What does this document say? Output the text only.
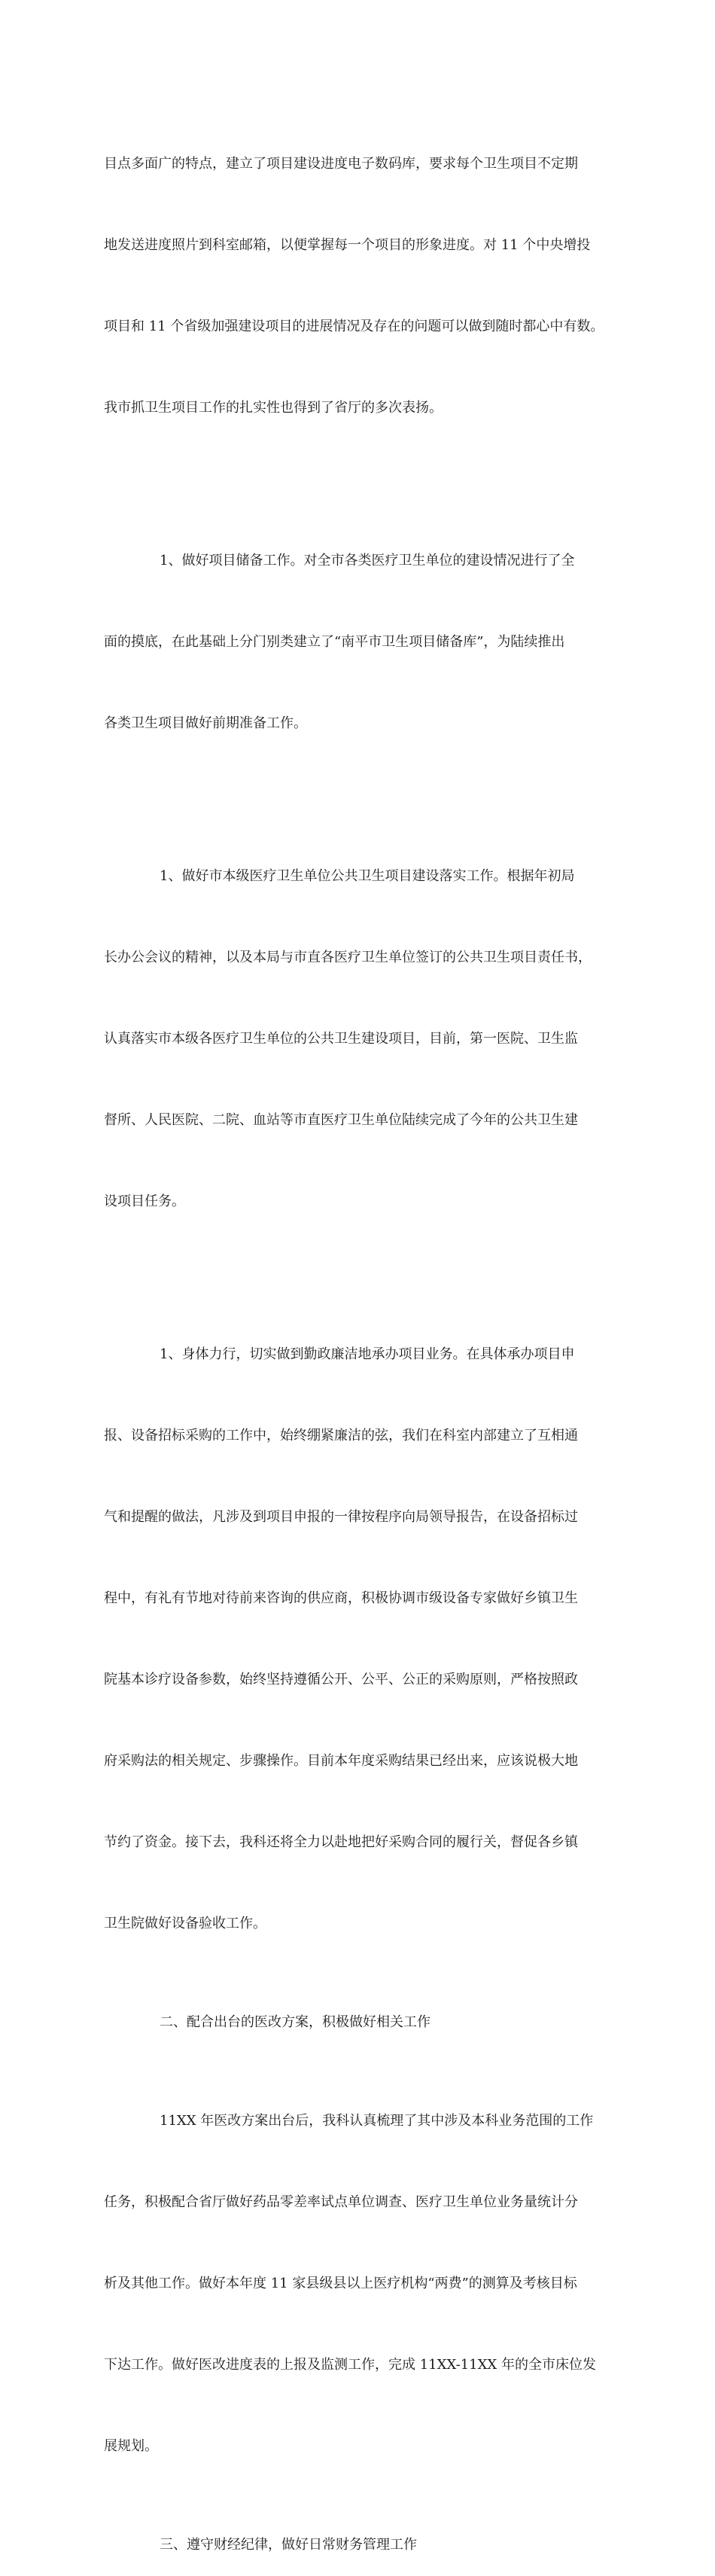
目点多面广的特点，建立了项目建设进度电子数码库，要求每个卫生项目不定期

地发送进度照片到科室邮箱，以便掌握每一个项目的形象进度。对 11 个中央增投

项目和 11 个省级加强建设项目的进展情况及存在的问题可以做到随时都心中有数。

我市抓卫生项目工作的扎实性也得到了省厅的多次表扬。

1、做好项目储备工作。对全市各类医疗卫生单位的建设情况进行了全

面的摸底，在此基础上分门别类建立了“南平市卫生项目储备库”，为陆续推出

各类卫生项目做好前期准备工作。

1、做好市本级医疗卫生单位公共卫生项目建设落实工作。根据年初局

长办公会议的精神，以及本局与市直各医疗卫生单位签订的公共卫生项目责任书，

认真落实市本级各医疗卫生单位的公共卫生建设项目，目前，第一医院、卫生监

督所、人民医院、二院、血站等市直医疗卫生单位陆续完成了今年的公共卫生建

设项目任务。

1、身体力行，切实做到勤政廉洁地承办项目业务。在具体承办项目申

报、设备招标采购的工作中，始终绷紧廉洁的弦，我们在科室内部建立了互相通

气和提醒的做法，凡涉及到项目申报的一律按程序向局领导报告，在设备招标过

程中，有礼有节地对待前来咨询的供应商，积极协调市级设备专家做好乡镇卫生

院基本诊疗设备参数，始终坚持遵循公开、公平、公正的采购原则，严格按照政

府采购法的相关规定、步骤操作。目前本年度采购结果已经出来，应该说极大地

节约了资金。接下去，我科还将全力以赴地把好采购合同的履行关，督促各乡镇

卫生院做好设备验收工作。

二、配合出台的医改方案，积极做好相关工作

11XX 年医改方案出台后，我科认真梳理了其中涉及本科业务范围的工作

任务，积极配合省厅做好药品零差率试点单位调查、医疗卫生单位业务量统计分

析及其他工作。做好本年度 11 家县级县以上医疗机构“两费”的测算及考核目标

下达工作。做好医改进度表的上报及监测工作，完成 11XX-11XX 年的全市床位发

展规划。

三、遵守财经纪律，做好日常财务管理工作
